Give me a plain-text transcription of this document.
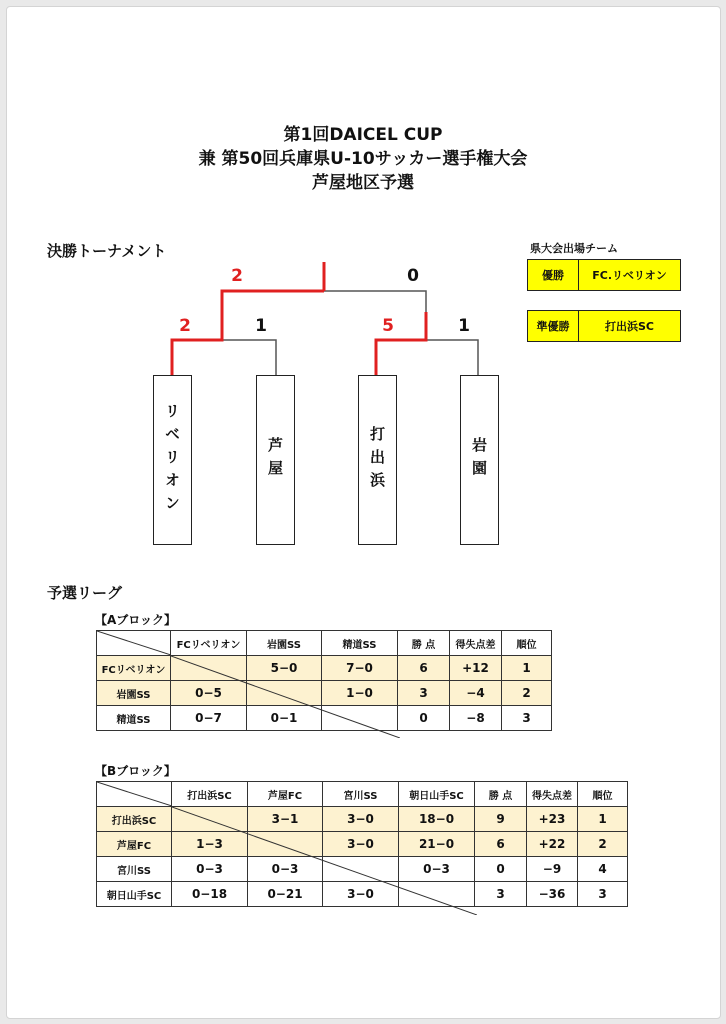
第1回DAICEL CUP
兼 第50回兵庫県U-10サッカー選手権大会
芦屋地区予選
決勝トーナメント
2	0
2	1	5	1
リベリオン	芦屋	打出浜	岩園
県大会出場チーム
優勝	FC.リベリオン
準優勝	打出浜SC
予選リーグ
【Aブロック】
	FCリベリオン	岩園SS	精道SS	勝 点	得失点差	順位
FCリベリオン		5−0	7−0	6	+12	1
岩園SS	0−5		1−0	3	−4	2
精道SS	0−7	0−1		0	−8	3
【Bブロック】
	打出浜SC	芦屋FC	宮川SS	朝日山手SC	勝 点	得失点差	順位
打出浜SC		3−1	3−0	18−0	9	+23	1
芦屋FC	1−3		3−0	21−0	6	+22	2
宮川SS	0−3	0−3		0−3	0	−9	4
朝日山手SC	0−18	0−21	3−0		3	−36	3
